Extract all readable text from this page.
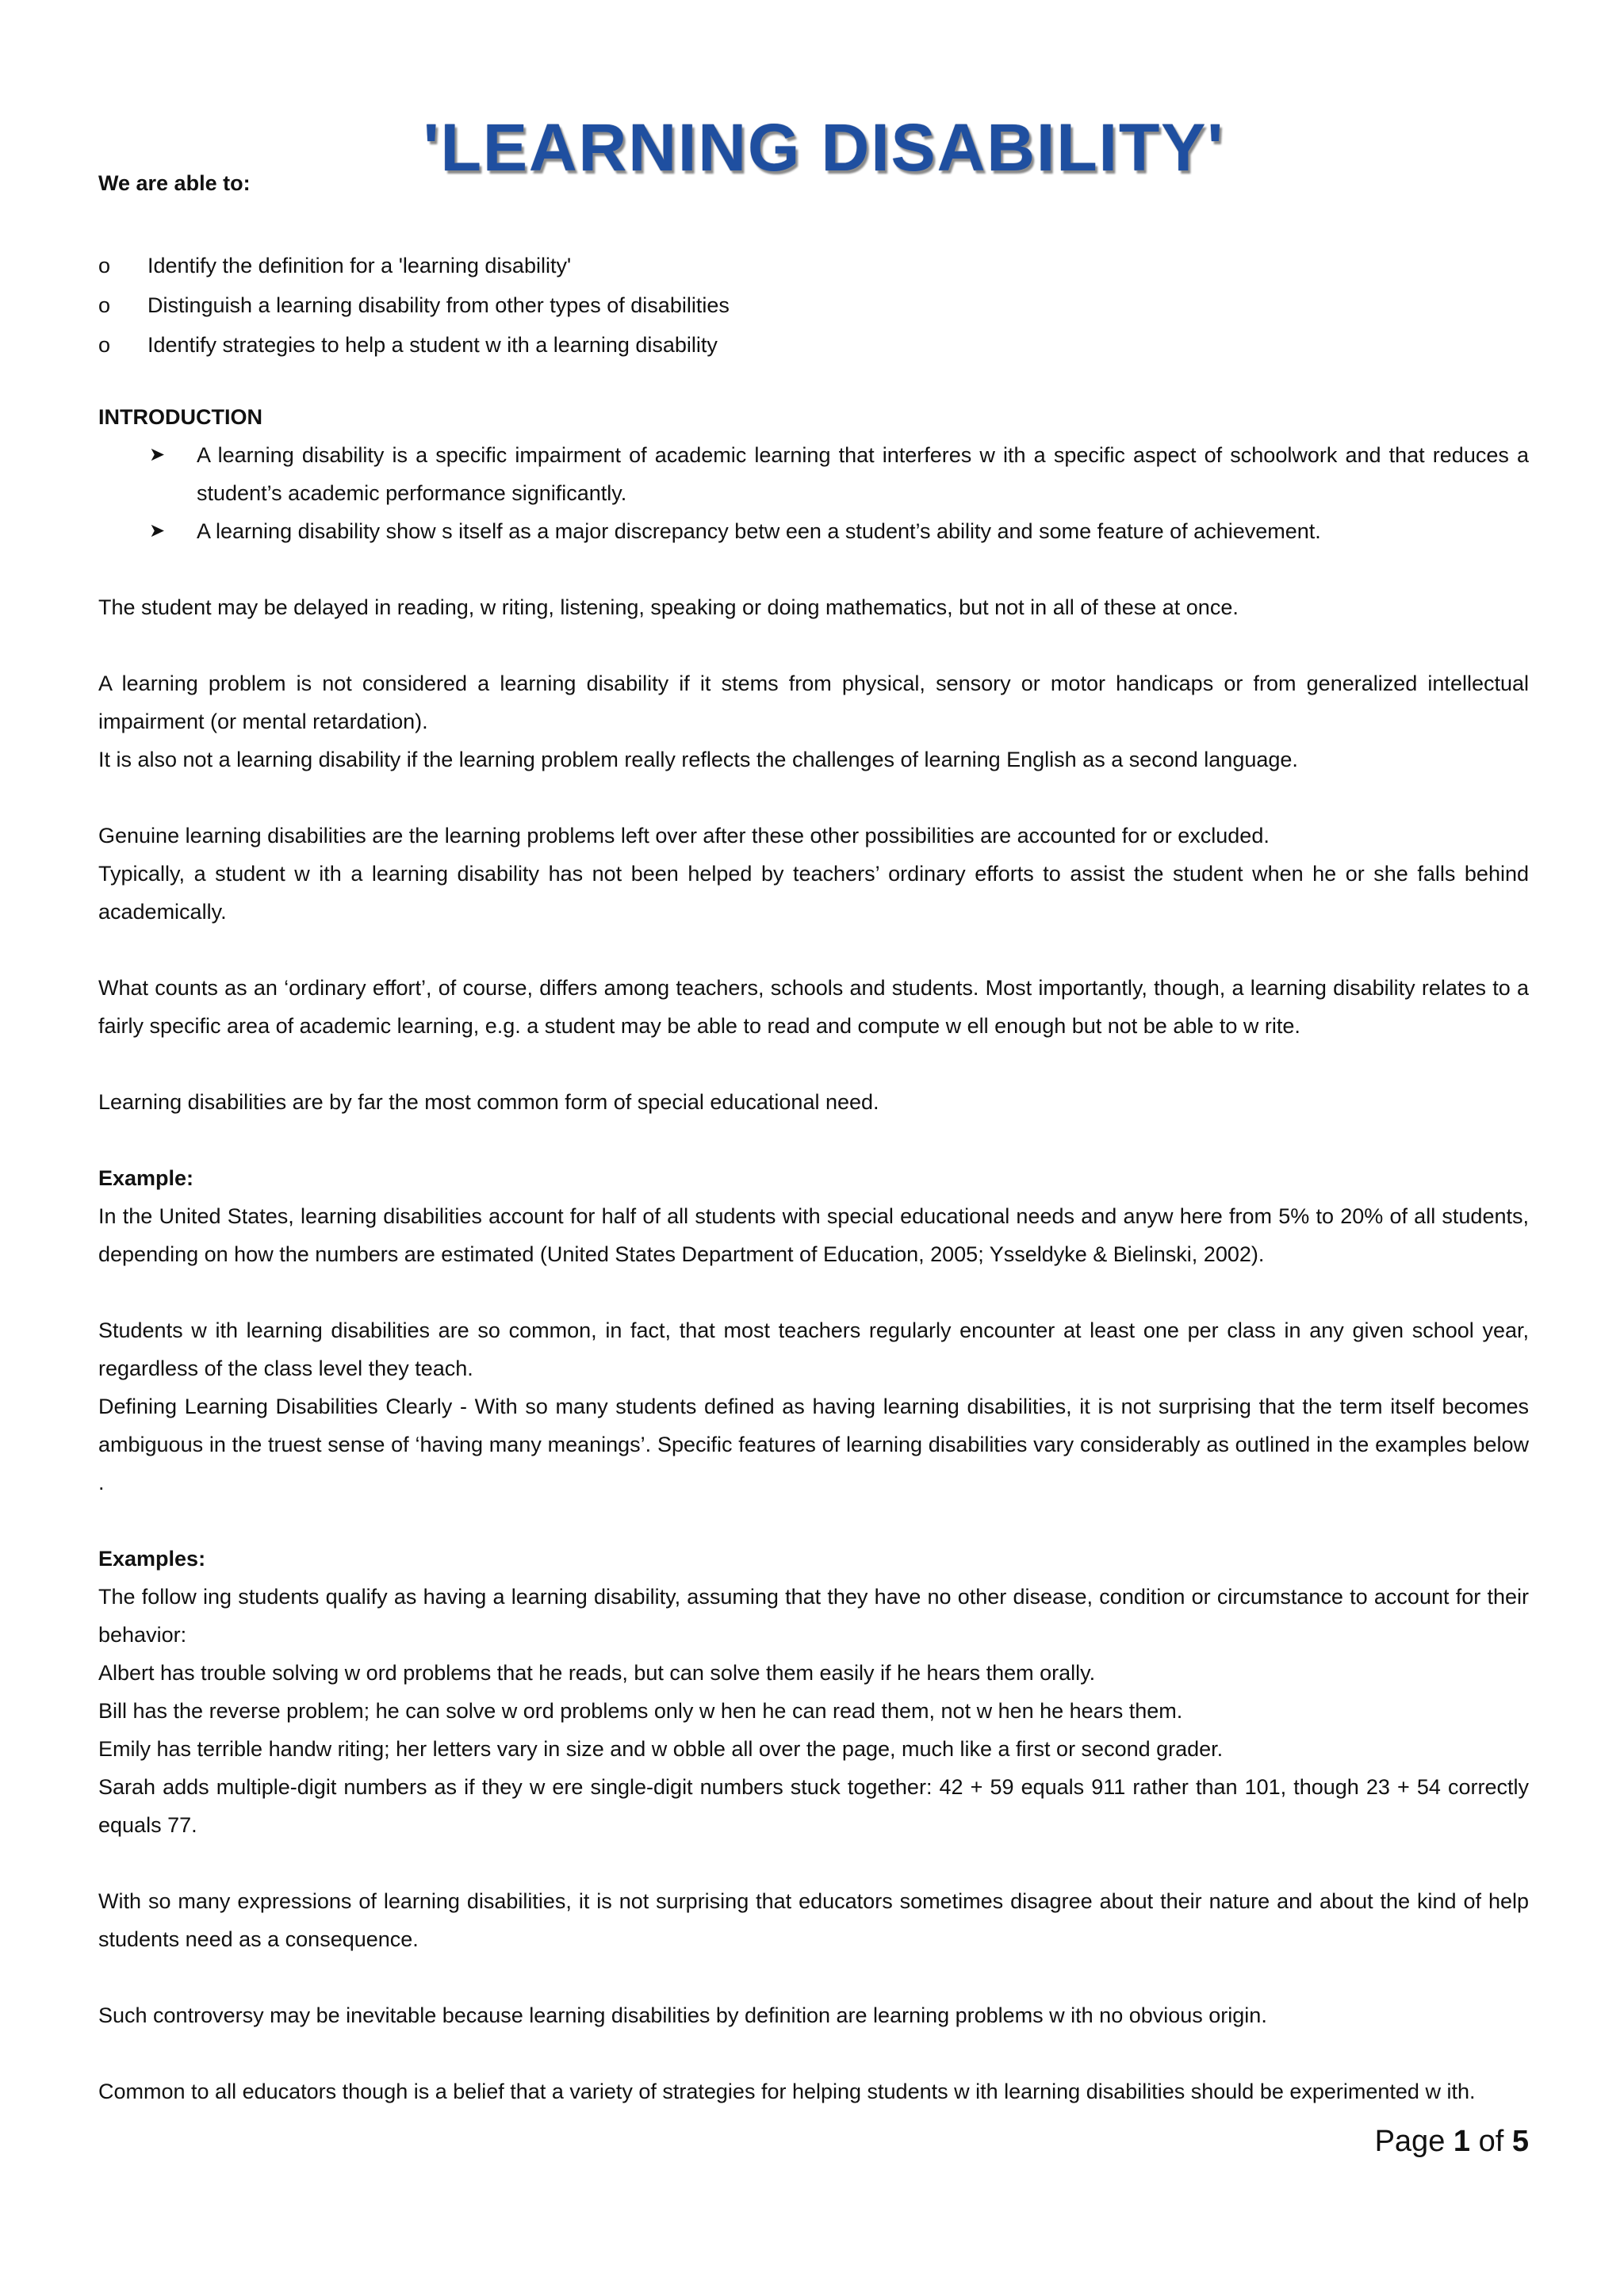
'LEARNING DISABILITY'
We are able to:

o Identify the definition for a 'learning disability'

o Distinguish a learning disability from other types of disabilities

o Identify strategies to help a student w ith a learning disability

INTRODUCTION

➤ A learning disability is a specific impairment of academic learning that interferes w ith a specific aspect of schoolwork and that reduces a student’s academic performance significantly.

➤ A learning disability show s itself as a major discrepancy betw een a student’s ability and some feature of achievement.

The student may be delayed in reading, w riting, listening, speaking or doing mathematics, but not in all of these at once.

A learning problem is not considered a learning disability if it stems from physical, sensory or motor handicaps or from generalized intellectual impairment (or mental retardation).

It is also not a learning disability if the learning problem really reflects the challenges of learning English as a second language.

Genuine learning disabilities are the learning problems left over after these other possibilities are accounted for or excluded.

Typically, a student w ith a learning disability has not been helped by teachers’ ordinary efforts to assist the student when he or she falls behind academically.

What counts as an ‘ordinary effort’, of course, differs among teachers, schools and students. Most importantly, though, a learning disability relates to a fairly specific area of academic learning, e.g. a student may be able to read and compute w ell enough but not be able to w rite.

Learning disabilities are by far the most common form of special educational need.

Example:

In the United States, learning disabilities account for half of all students with special educational needs and anyw here from 5% to 20% of all students, depending on how the numbers are estimated (United States Department of Education, 2005; Ysseldyke & Bielinski, 2002).

Students w ith learning disabilities are so common, in fact, that most teachers regularly encounter at least one per class in any given school year, regardless of the class level they teach.

Defining Learning Disabilities Clearly - With so many students defined as having learning disabilities, it is not surprising that the term itself becomes ambiguous in the truest sense of ‘having many meanings’. Specific features of learning disabilities vary considerably as outlined in the examples below .

Examples:

The follow ing students qualify as having a learning disability, assuming that they have no other disease, condition or circumstance to account for their behavior:

Albert has trouble solving w ord problems that he reads, but can solve them easily if he hears them orally.

Bill has the reverse problem; he can solve w ord problems only w hen he can read them, not w hen he hears them.

Emily has terrible handw riting; her letters vary in size and w obble all over the page, much like a first or second grader.

Sarah adds multiple-digit numbers as if they w ere single-digit numbers stuck together: 42 + 59 equals 911 rather than 101, though 23 + 54 correctly equals 77.

With so many expressions of learning disabilities, it is not surprising that educators sometimes disagree about their nature and about the kind of help students need as a consequence.

Such controversy may be inevitable because learning disabilities by definition are learning problems w ith no obvious origin.

Common to all educators though is a belief that a variety of strategies for helping students w ith learning disabilities should be experimented w ith.

Page 1 of 5
